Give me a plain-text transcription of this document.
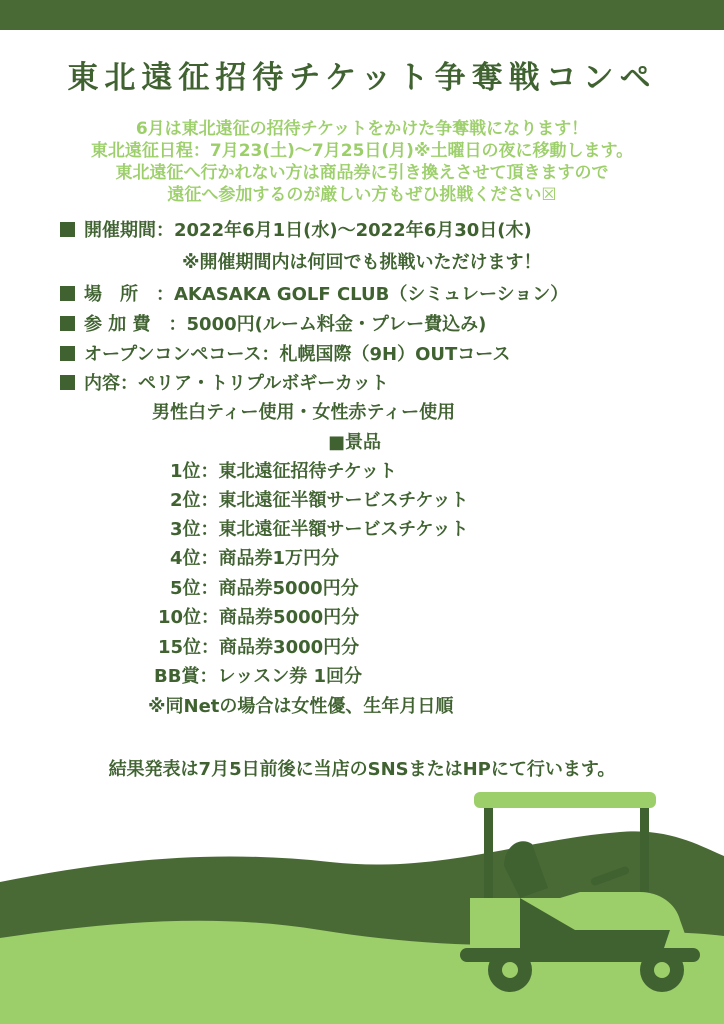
東北遠征招待チケット争奪戦コンペ
6月は東北遠征の招待チケットをかけた争奪戦になります！
東北遠征日程：7月23(土)〜7月25日(月)※土曜日の夜に移動します。
東北遠征へ行かれない方は商品券に引き換えさせて頂きますので
遠征へ参加するのが厳しい方もぜひ挑戦ください☒
開催期間：2022年6月1日(水)〜2022年6月30日(木)
※開催期間内は何回でも挑戦いただけます！
場　所　：AKASAKA GOLF CLUB（シミュレーション）
参 加 費　：5000円(ルーム料金・プレー費込み)
オープンコンペコース：札幌国際（9H）OUTコース
内容：ペリア・トリプルボギーカット
男性白ティー使用・女性赤ティー使用
■景品
1位：東北遠征招待チケット
2位：東北遠征半額サービスチケット
3位：東北遠征半額サービスチケット
4位：商品券1万円分
5位：商品券5000円分
10位：商品券5000円分
15位：商品券3000円分
BB賞：レッスン券 1回分
※同Netの場合は女性優、生年月日順
結果発表は7月5日前後に当店のSNSまたはHPにて行います。
